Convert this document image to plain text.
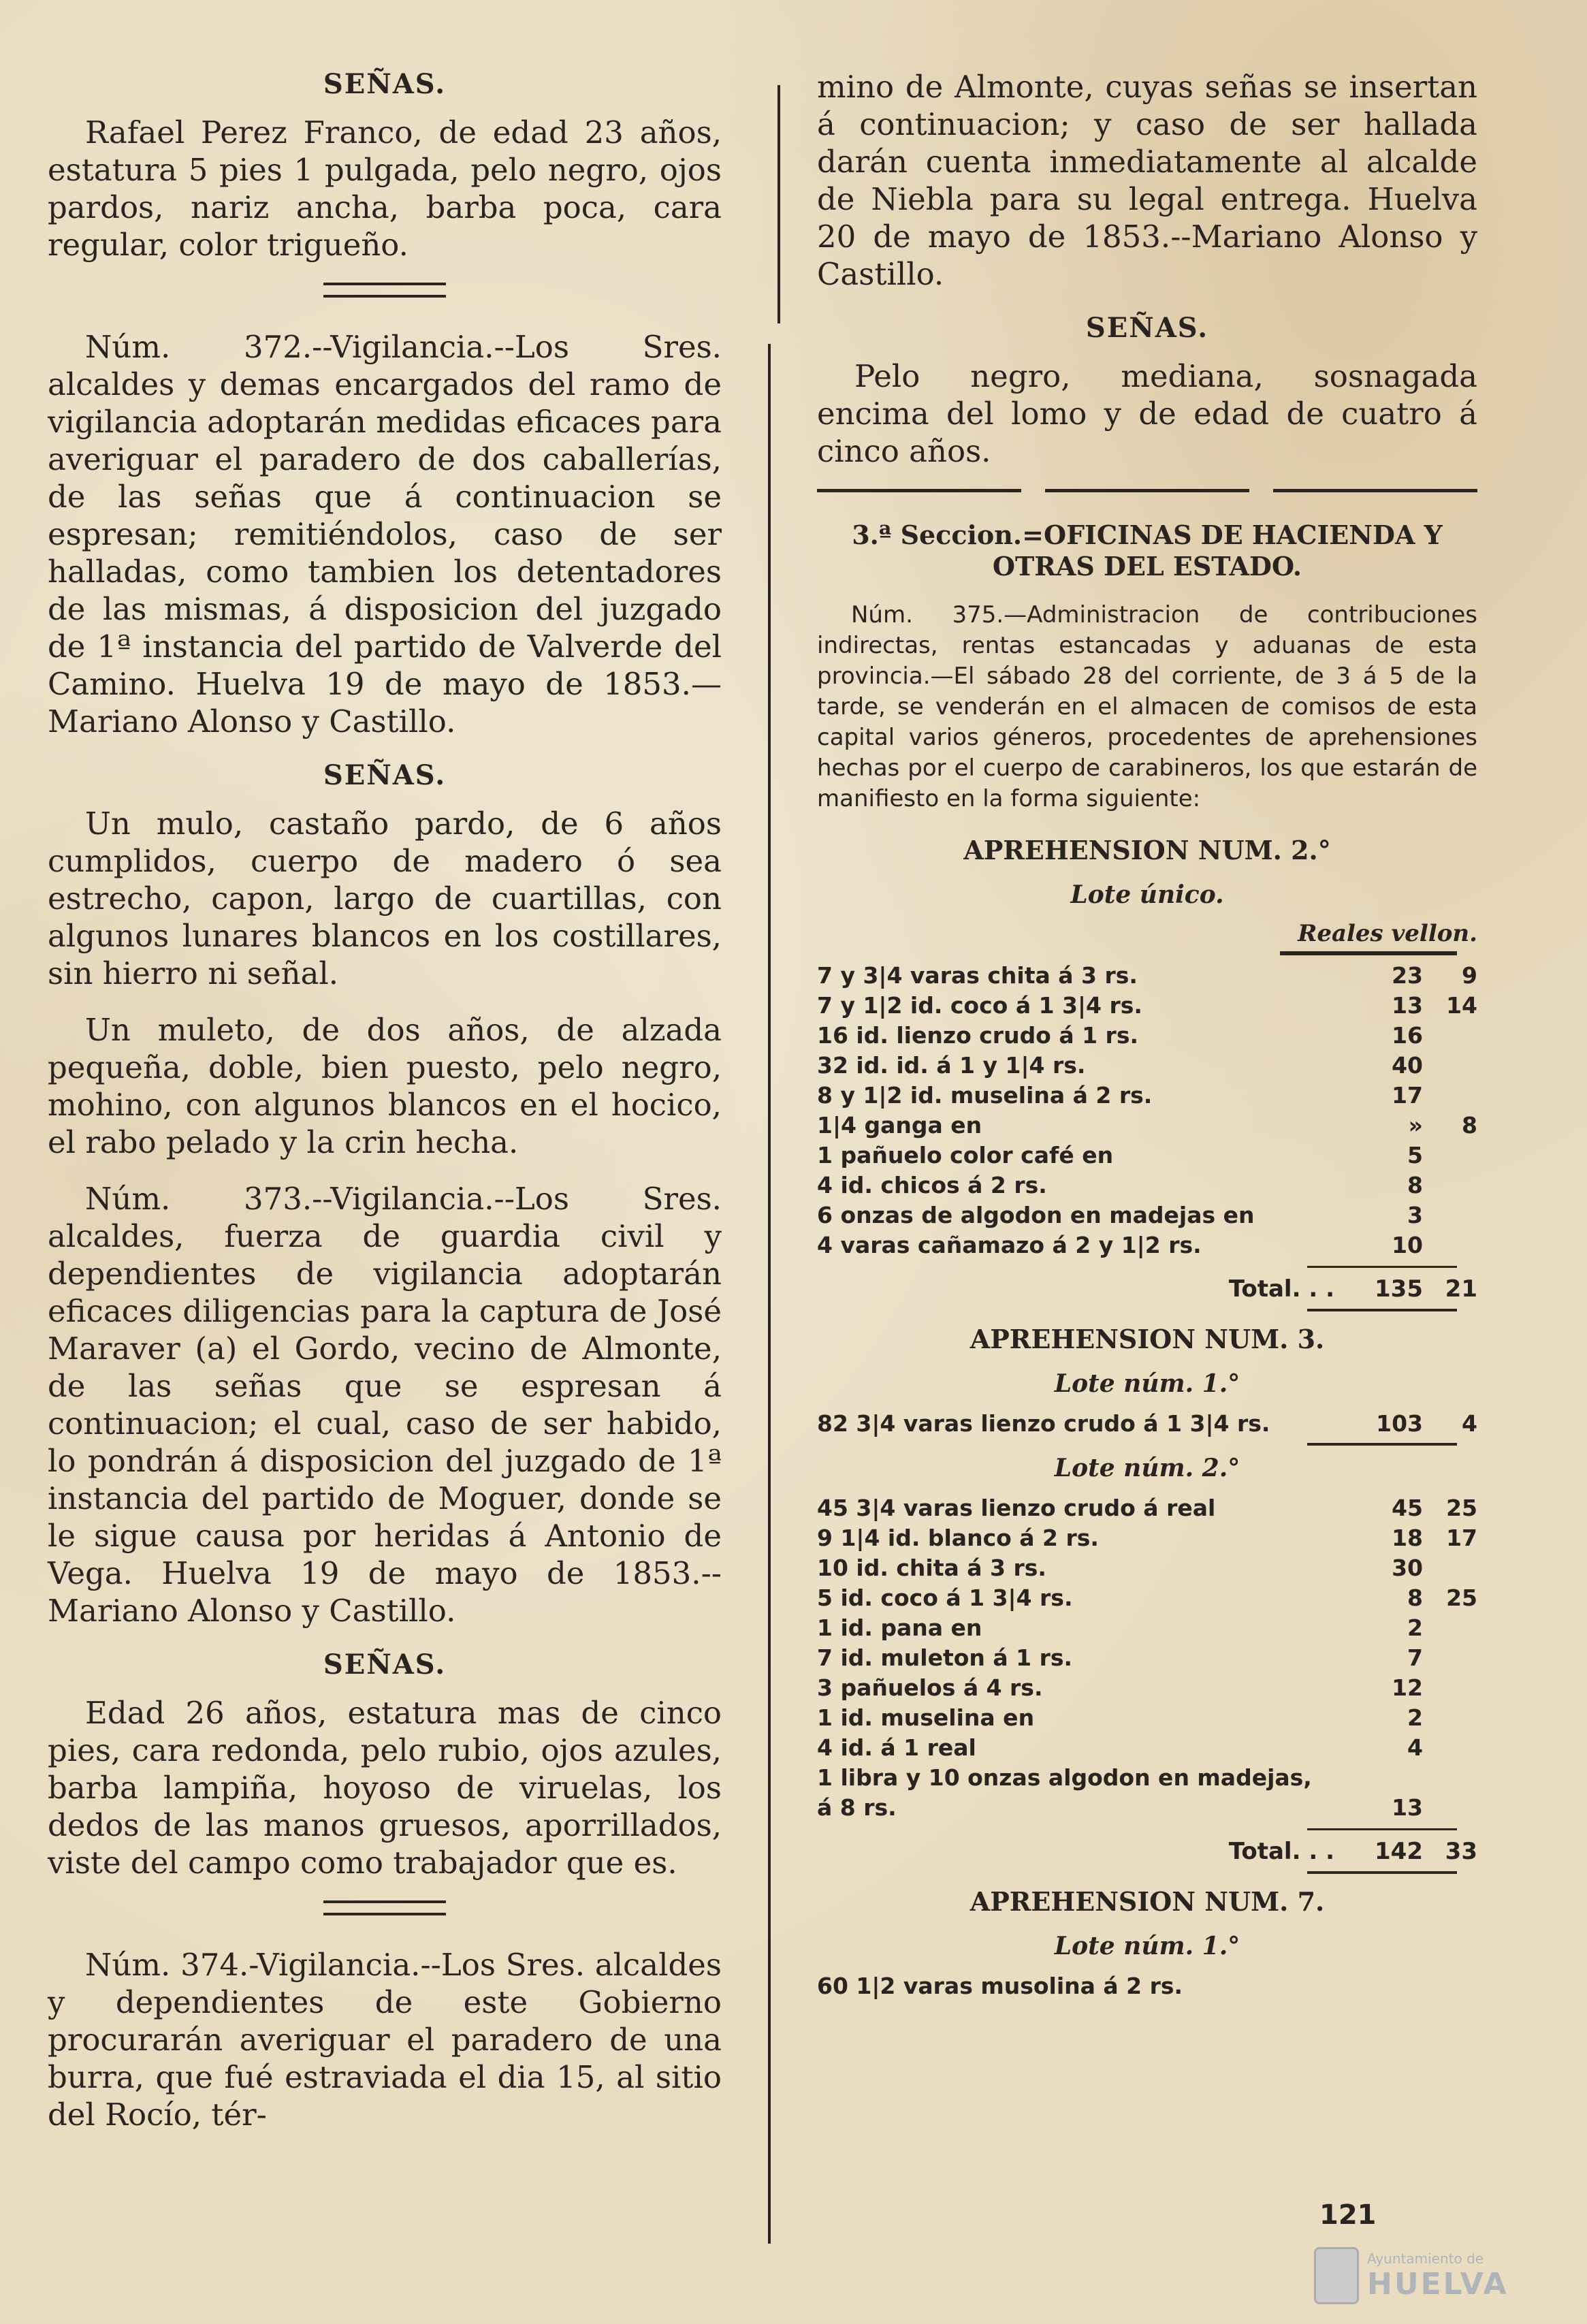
SEÑAS.

Rafael Perez Franco, de edad 23 años, estatura 5 pies 1 pulgada, pelo negro, ojos pardos, nariz ancha, barba poca, cara regular, color trigueño.

Núm. 372.--Vigilancia.--Los Sres. alcaldes y demas encargados del ramo de vigilancia adoptarán medidas eficaces para averiguar el paradero de dos caballerías, de las señas que á continuacion se espresan; remitiéndolos, caso de ser halladas, como tambien los detentadores de las mismas, á disposicion del juzgado de 1ª instancia del partido de Valverde del Camino. Huelva 19 de mayo de 1853.— Mariano Alonso y Castillo.

SEÑAS.

Un mulo, castaño pardo, de 6 años cumplidos, cuerpo de madero ó sea estrecho, capon, largo de cuartillas, con algunos lunares blancos en los costillares, sin hierro ni señal.

Un muleto, de dos años, de alzada pequeña, doble, bien puesto, pelo negro, mohino, con algunos blancos en el hocico, el rabo pelado y la crin hecha.

Núm. 373.--Vigilancia.--Los Sres. alcaldes, fuerza de guardia civil y dependientes de vigilancia adoptarán eficaces diligencias para la captura de José Maraver (a) el Gordo, vecino de Almonte, de las señas que se espresan á continuacion; el cual, caso de ser habido, lo pondrán á disposicion del juzgado de 1ª instancia del partido de Moguer, donde se le sigue causa por heridas á Antonio de Vega. Huelva 19 de mayo de 1853.--Mariano Alonso y Castillo.

SEÑAS.

Edad 26 años, estatura mas de cinco pies, cara redonda, pelo rubio, ojos azules, barba lampiña, hoyoso de viruelas, los dedos de las manos gruesos, aporrillados, viste del campo como trabajador que es.

Núm. 374.-Vigilancia.--Los Sres. alcaldes y dependientes de este Gobierno procurarán averiguar el paradero de una burra, que fué estraviada el dia 15, al sitio del Rocío, tér-

mino de Almonte, cuyas señas se insertan á continuacion; y caso de ser hallada darán cuenta inmediatamente al alcalde de Niebla para su legal entrega. Huelva 20 de mayo de 1853.--Mariano Alonso y Castillo.

SEÑAS.

Pelo negro, mediana, sosnagada encima del lomo y de edad de cuatro á cinco años.

3.ª Seccion.=OFICINAS DE HACIENDA Y OTRAS DEL ESTADO.

Núm. 375.—Administracion de contribuciones indirectas, rentas estancadas y aduanas de esta provincia.—El sábado 28 del corriente, de 3 á 5 de la tarde, se venderán en el almacen de comisos de esta capital varios géneros, procedentes de aprehensiones hechas por el cuerpo de carabineros, los que estarán de manifiesto en la forma siguiente:

APREHENSION NUM. 2.°
Lote único.
Reales vellon.
7 y 3|4 varas chita á 3 rs.	23	9
7 y 1|2 id. coco á 1 3|4 rs.	13	14
16 id. lienzo crudo á 1 rs.	16
32 id. id. á 1 y 1|4 rs.	40
8 y 1|2 id. muselina á 2 rs.	17
1|4 ganga en	»	8
1 pañuelo color café en	5
4 id. chicos á 2 rs.	8
6 onzas de algodon en madejas en	3
4 varas cañamazo á 2 y 1|2 rs.	10
Total. . .	135 21
APREHENSION NUM. 3.
Lote núm. 1.°
82 3|4 varas lienzo crudo á 1 3|4 rs.	103	4
Lote núm. 2.°
45 3|4 varas lienzo crudo á real	45	25
9 1|4 id. blanco á 2 rs.	18	17
10 id. chita á 3 rs.	30
5 id. coco á 1 3|4 rs.	8	25
1 id. pana en	2
7 id. muleton á 1 rs.	7
3 pañuelos á 4 rs.	12
1 id. muselina en	2
4 id. á 1 real	4
1 libra y 10 onzas algodon en madejas,
á 8 rs.	13
Total. . .	142 33
APREHENSION NUM. 7.
Lote núm. 1.°
60 1|2 varas musolina á 2 rs.
121
Ayuntamiento de
HUELVA
